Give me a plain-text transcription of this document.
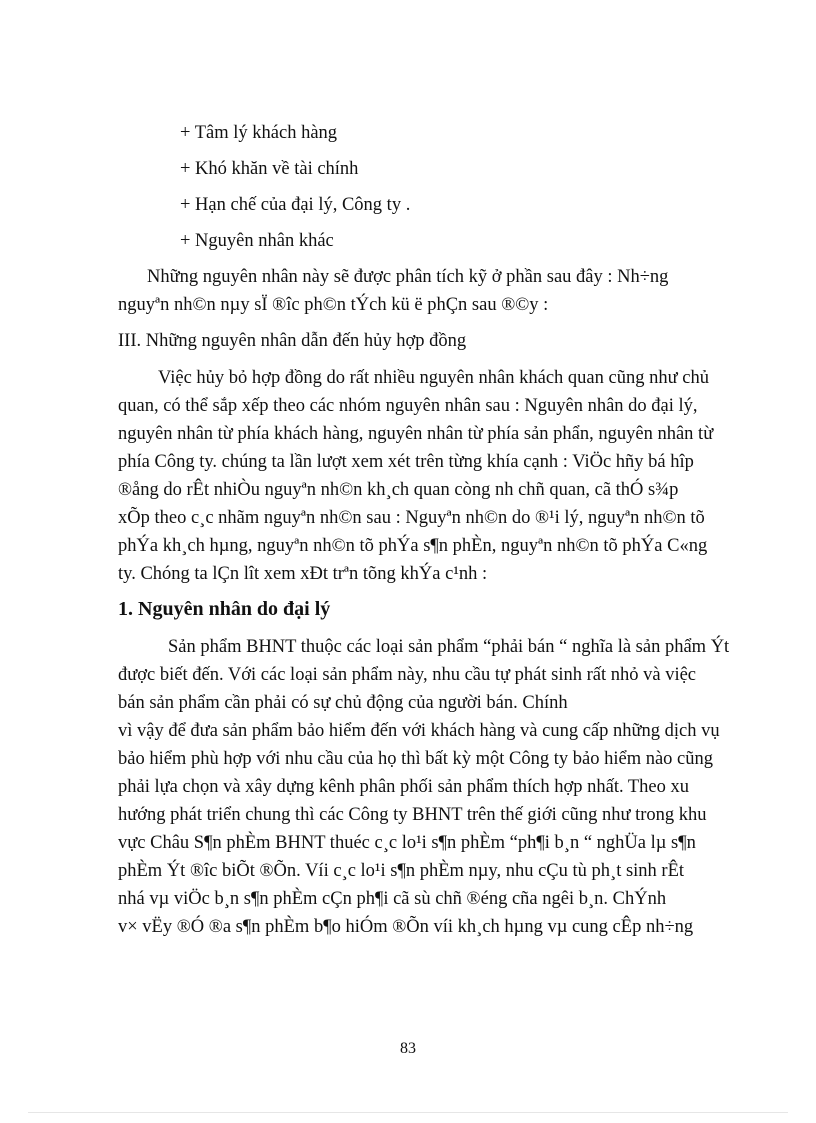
+ Tâm lý khách hàng
+ Khó khăn về tài chính
+ Hạn chế của đại lý, Công ty .
+ Nguyên nhân khác
Những nguyên nhân này sẽ được phân tích kỹ ở phần sau đây : Nh÷ng
nguyªn nh©n nµy sÏ ®îc ph©n tÝch kü ë phÇn sau ®©y :
III. Những nguyên nhân dẫn đến hủy hợp đồng
Việc hủy bỏ hợp đồng do rất nhiều nguyên nhân khách quan cũng như chủ
quan, có thể sắp xếp theo các nhóm nguyên nhân sau : Nguyên nhân do đại lý,
nguyên nhân từ phía khách hàng, nguyên nhân từ phía sản phẩn, nguyên nhân từ
phía Công ty. chúng ta lần lượt xem xét trên từng khía cạnh : ViÖc hñy bá hîp
®ång do rÊt nhiÒu nguyªn nh©n kh¸ch quan còng nh chñ quan, cã thÓ s¾p
xÕp theo c¸c nhãm nguyªn nh©n sau : Nguyªn nh©n do ®¹i lý, nguyªn nh©n tõ
phÝa kh¸ch hµng, nguyªn nh©n tõ phÝa s¶n phÈn, nguyªn nh©n tõ phÝa C«ng
ty. Chóng ta lÇn lît xem xÐt trªn tõng khÝa c¹nh :
1. Nguyên nhân do đại lý
Sản phẩm BHNT thuộc các loại sản phẩm “phải bán “ nghĩa là sản phẩm Ýt
được biết đến. Với các loại sản phẩm này, nhu cầu tự phát sinh rất nhỏ và việc
bán sản phẩm cần phải có sự chủ động của người bán. Chính
vì vậy để đưa sản phẩm bảo hiểm đến với khách hàng và cung cấp những dịch vụ
bảo hiểm phù hợp với nhu cầu của họ thì bất kỳ một Công ty bảo hiểm nào cũng
phải lựa chọn và xây dựng kênh phân phối sản phẩm thích hợp nhất. Theo xu
hướng phát triển chung thì các Công ty BHNT trên thế giới cũng như trong khu
vực Châu S¶n phÈm BHNT thuéc c¸c lo¹i s¶n phÈm “ph¶i b¸n “ nghÜa lµ s¶n
phÈm Ýt ®îc biÕt ®Õn. Víi c¸c lo¹i s¶n phÈm nµy, nhu cÇu tù ph¸t sinh rÊt
nhá vµ viÖc b¸n s¶n phÈm cÇn ph¶i cã sù chñ ®éng cña ngêi b¸n. ChÝnh
v× vËy ®Ó ®a s¶n phÈm b¶o hiÓm ®Õn víi kh¸ch hµng vµ cung cÊp nh÷ng
83
